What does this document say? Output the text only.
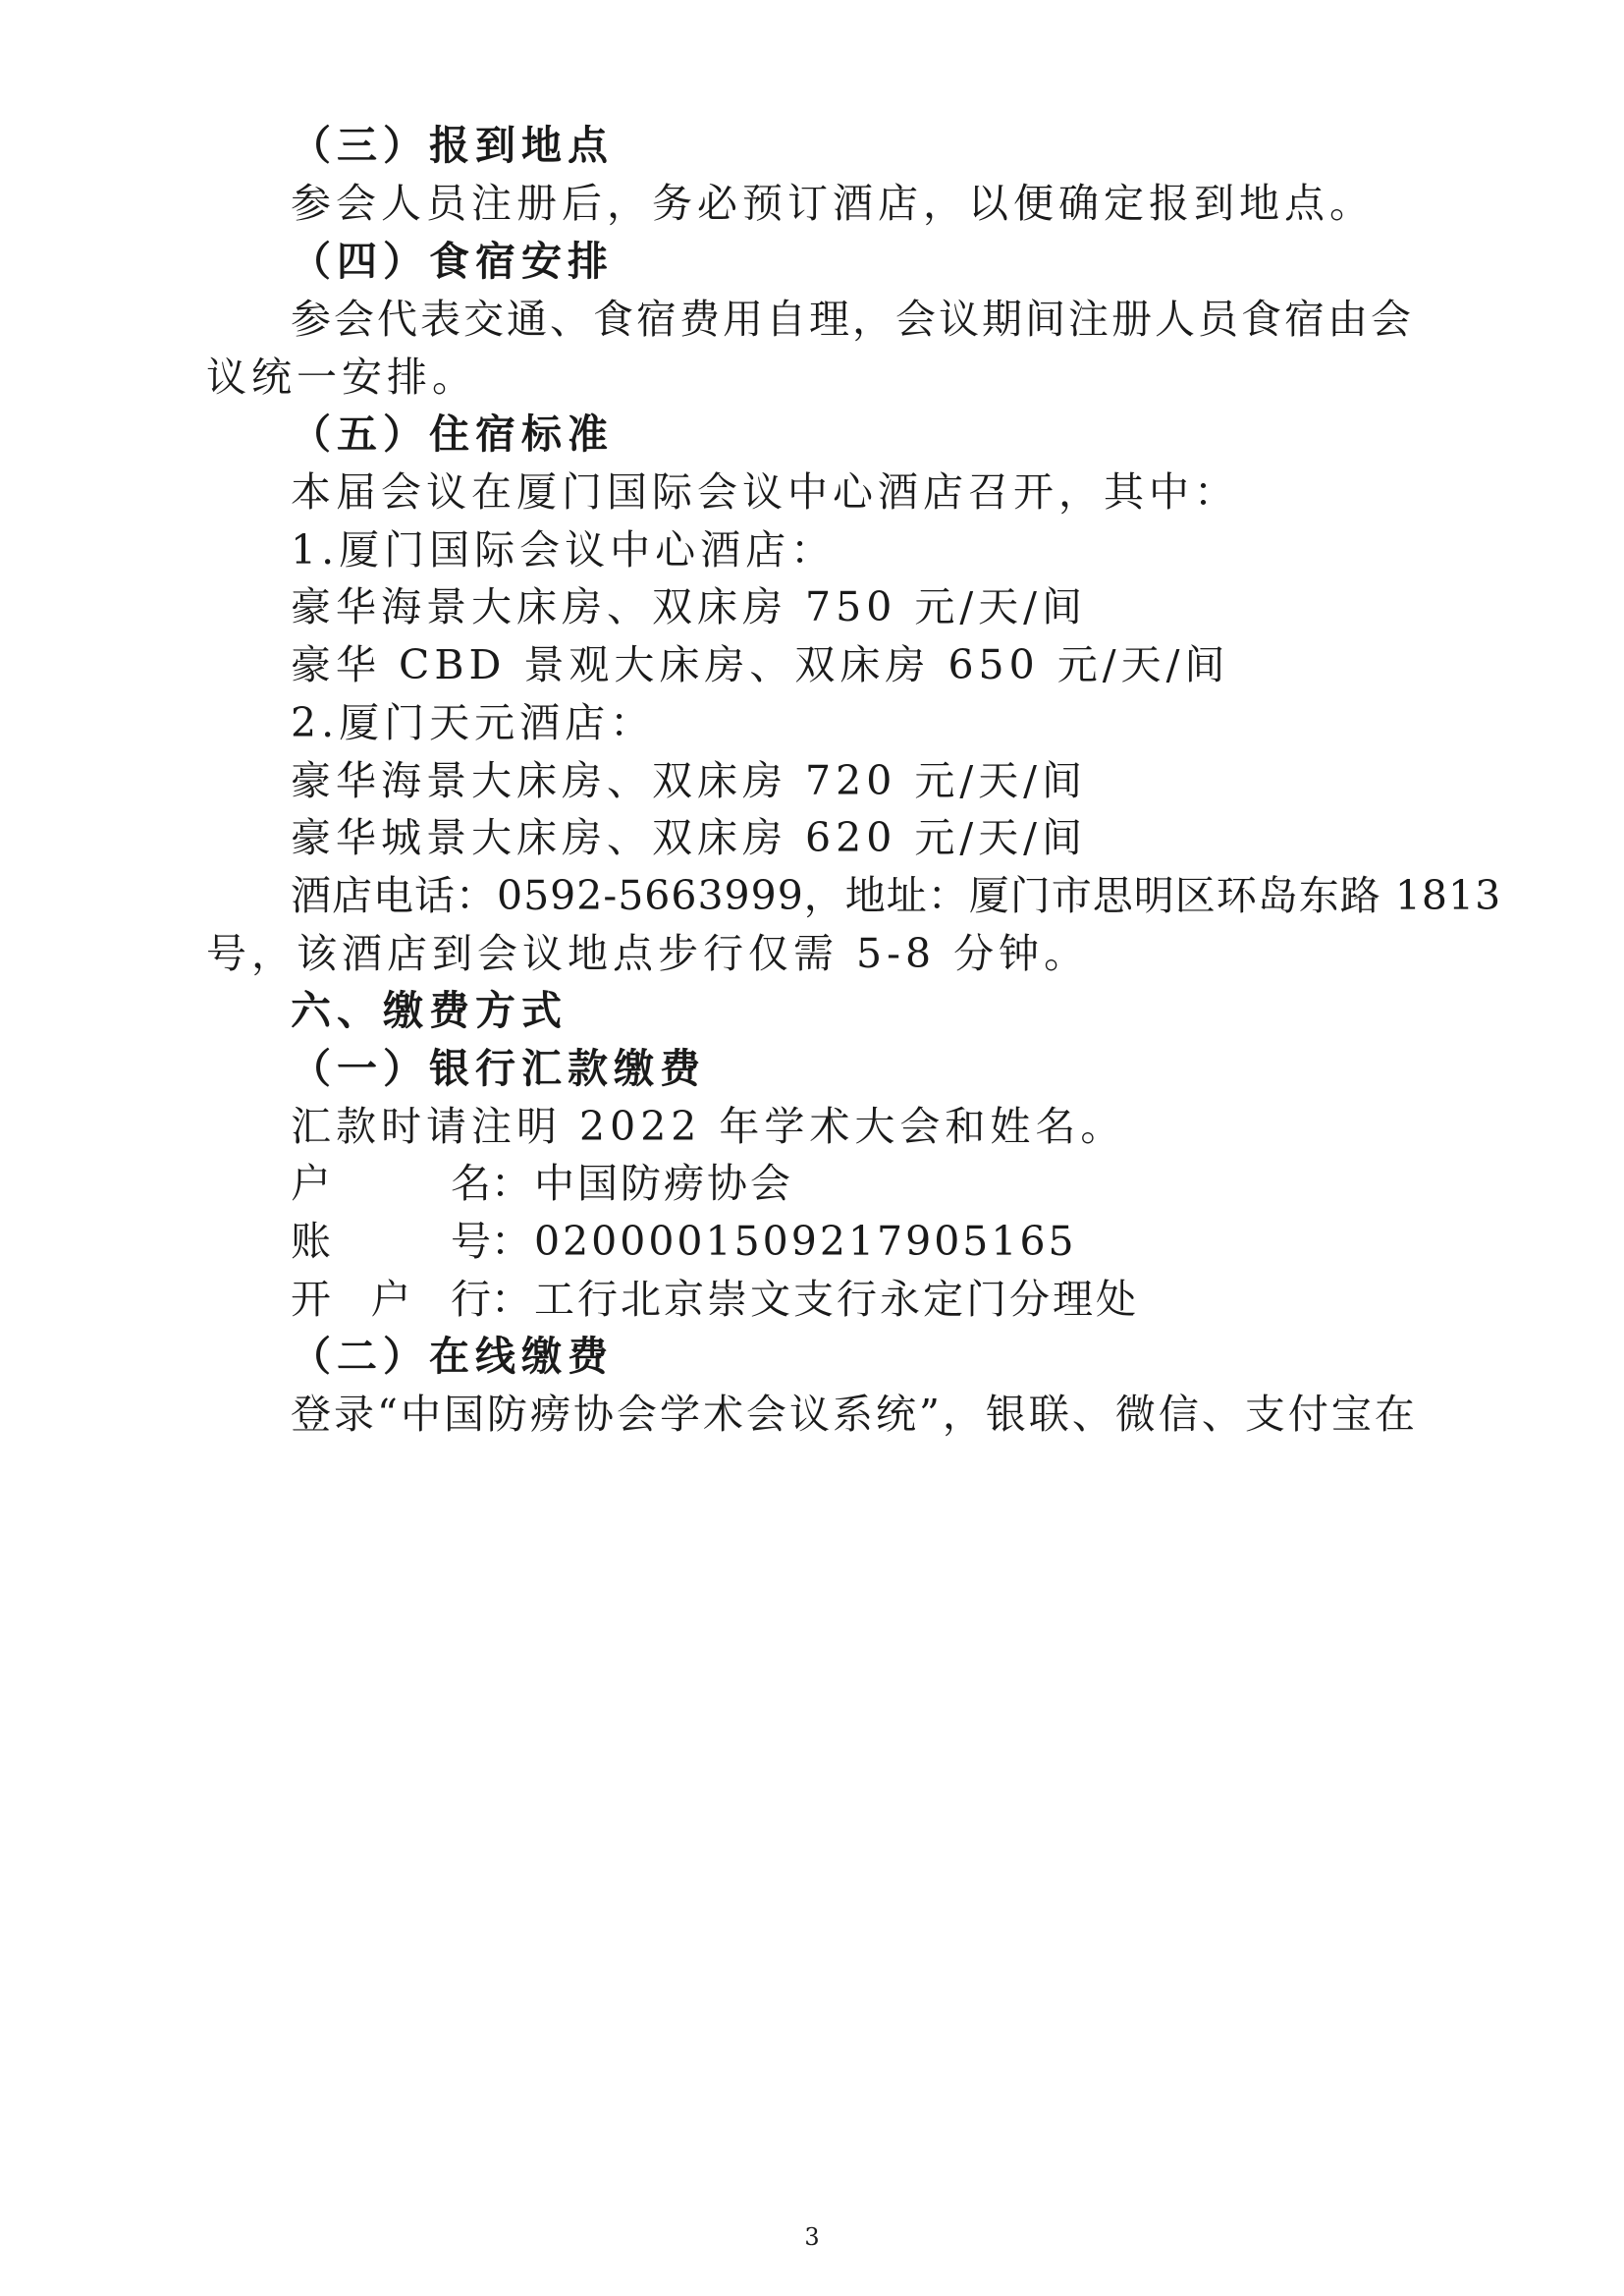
（三）报到地点
参会人员注册后，务必预订酒店，以便确定报到地点。
（四）食宿安排
参会代表交通、食宿费用自理，会议期间注册人员食宿由会
议统一安排。
（五）住宿标准
本届会议在厦门国际会议中心酒店召开，其中：
1.厦门国际会议中心酒店：
豪华海景大床房、双床房 750 元/天/间
豪华 CBD 景观大床房、双床房 650 元/天/间
2.厦门天元酒店：
豪华海景大床房、双床房 720 元/天/间
豪华城景大床房、双床房 620 元/天/间
酒店电话：0592-5663999，地址：厦门市思明区环岛东路 1813
号，该酒店到会议地点步行仅需 5-8 分钟。
六、缴费方式
（一）银行汇款缴费
汇款时请注明 2022 年学术大会和姓名。
户	名 ：中国防痨协会
账	号 ：0200001509217905165
开 户 行 ：工行北京崇文支行永定门分理处
（二）在线缴费
登录“中国防痨协会学术会议系统”，银联、微信、支付宝在
3
